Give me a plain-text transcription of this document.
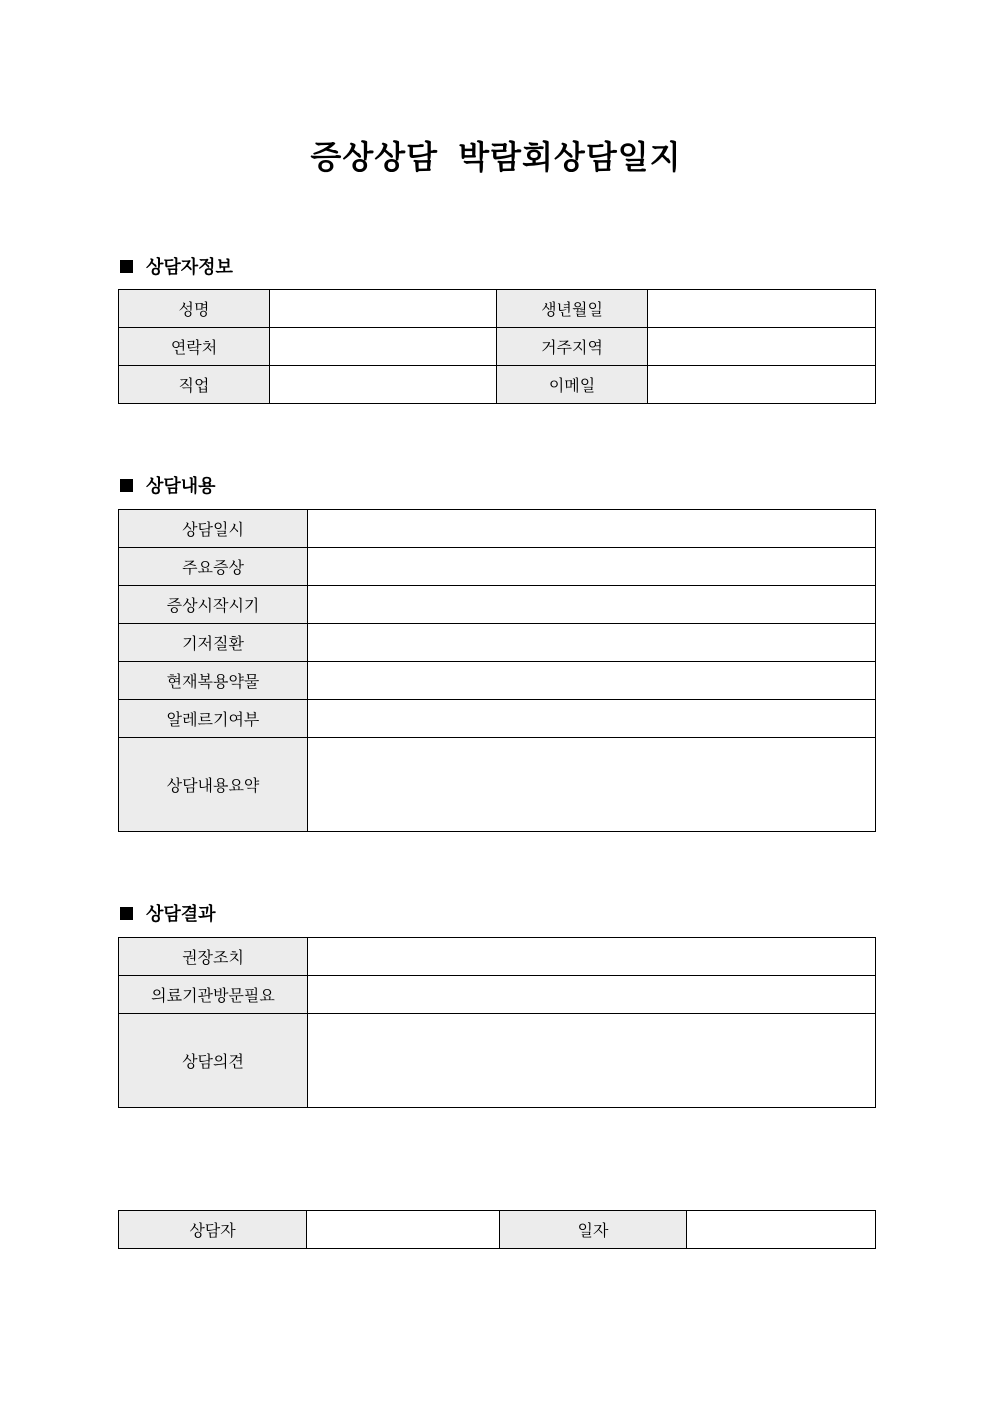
증상상담 박람회상담일지
상담자정보
성명		생년월일	
연락처		거주지역	
직업		이메일	
상담내용
상담일시	
주요증상	
증상시작시기	
기저질환	
현재복용약물	
알레르기여부	
상담내용요약	
상담결과
권장조치	
의료기관방문필요	
상담의견	
상담자		일자	
